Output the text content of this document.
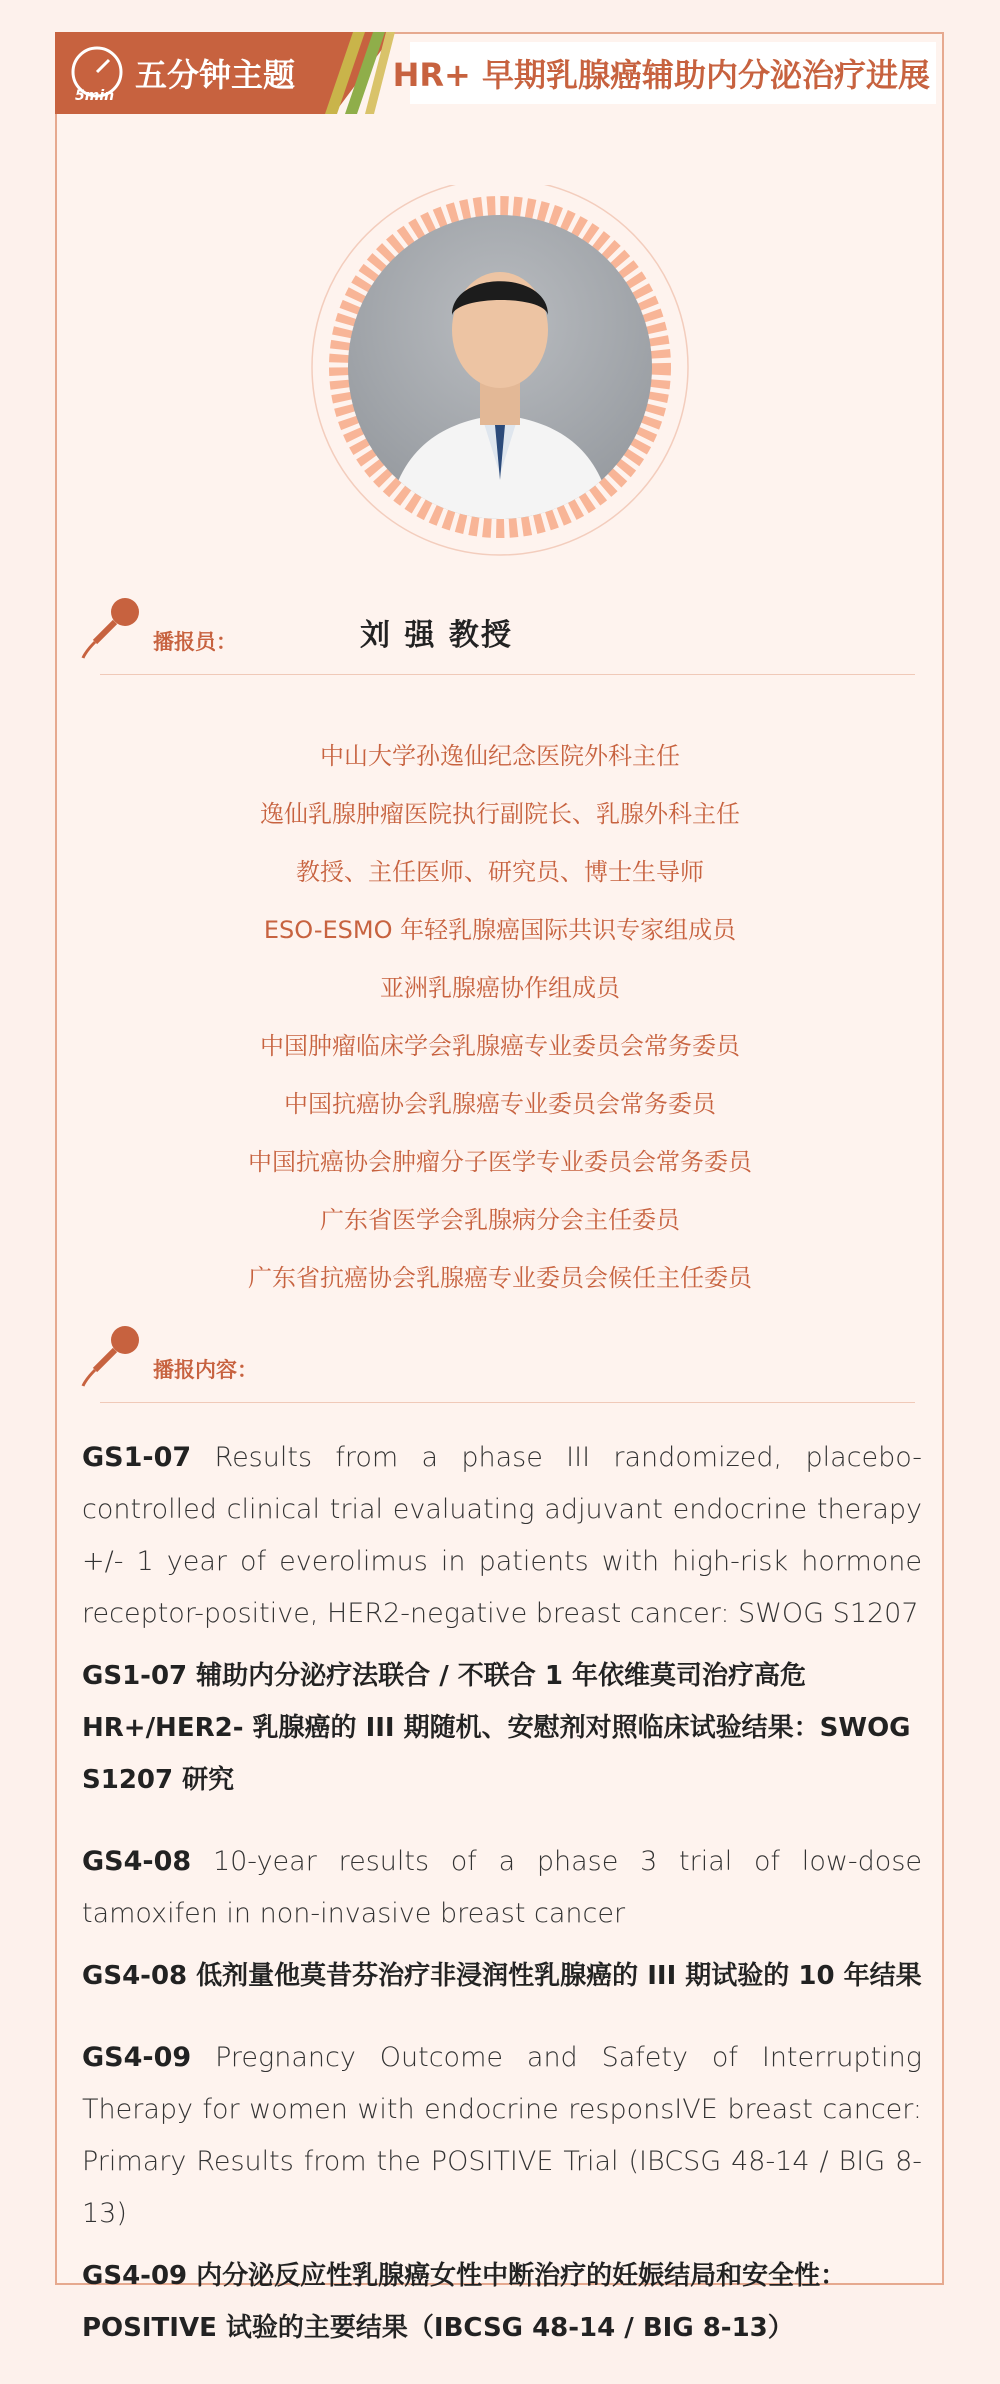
5min
五分钟主题	HR+ 早期乳腺癌辅助内分泌治疗进展
播报员：	刘 强 教授
中山大学孙逸仙纪念医院外科主任
逸仙乳腺肿瘤医院执行副院长、乳腺外科主任
教授、主任医师、研究员、博士生导师
ESO-ESMO 年轻乳腺癌国际共识专家组成员
亚洲乳腺癌协作组成员
中国肿瘤临床学会乳腺癌专业委员会常务委员
中国抗癌协会乳腺癌专业委员会常务委员
中国抗癌协会肿瘤分子医学专业委员会常务委员
广东省医学会乳腺病分会主任委员
广东省抗癌协会乳腺癌专业委员会候任主任委员
播报内容：

GS1-07 Results from a phase III randomized, placebo-controlled clinical trial evaluating adjuvant endocrine therapy +/- 1 year of everolimus in patients with high-risk hormone receptor-positive, HER2-negative breast cancer: SWOG S1207

GS1-07 辅助内分泌疗法联合 / 不联合 1 年依维莫司治疗高危 HR+/HER2- 乳腺癌的 III 期随机、安慰剂对照临床试验结果：SWOG S1207 研究

GS4-08 10-year results of a phase 3 trial of low-dose tamoxifen in non-invasive breast cancer

GS4-08 低剂量他莫昔芬治疗非浸润性乳腺癌的 III 期试验的 10 年结果

GS4-09 Pregnancy Outcome and Safety of Interrupting Therapy for women with endocrine responsIVE breast cancer: Primary Results from the POSITIVE Trial (IBCSG 48-14 / BIG 8-13)

GS4-09 内分泌反应性乳腺癌女性中断治疗的妊娠结局和安全性：POSITIVE 试验的主要结果（IBCSG 48-14 / BIG 8-13）
